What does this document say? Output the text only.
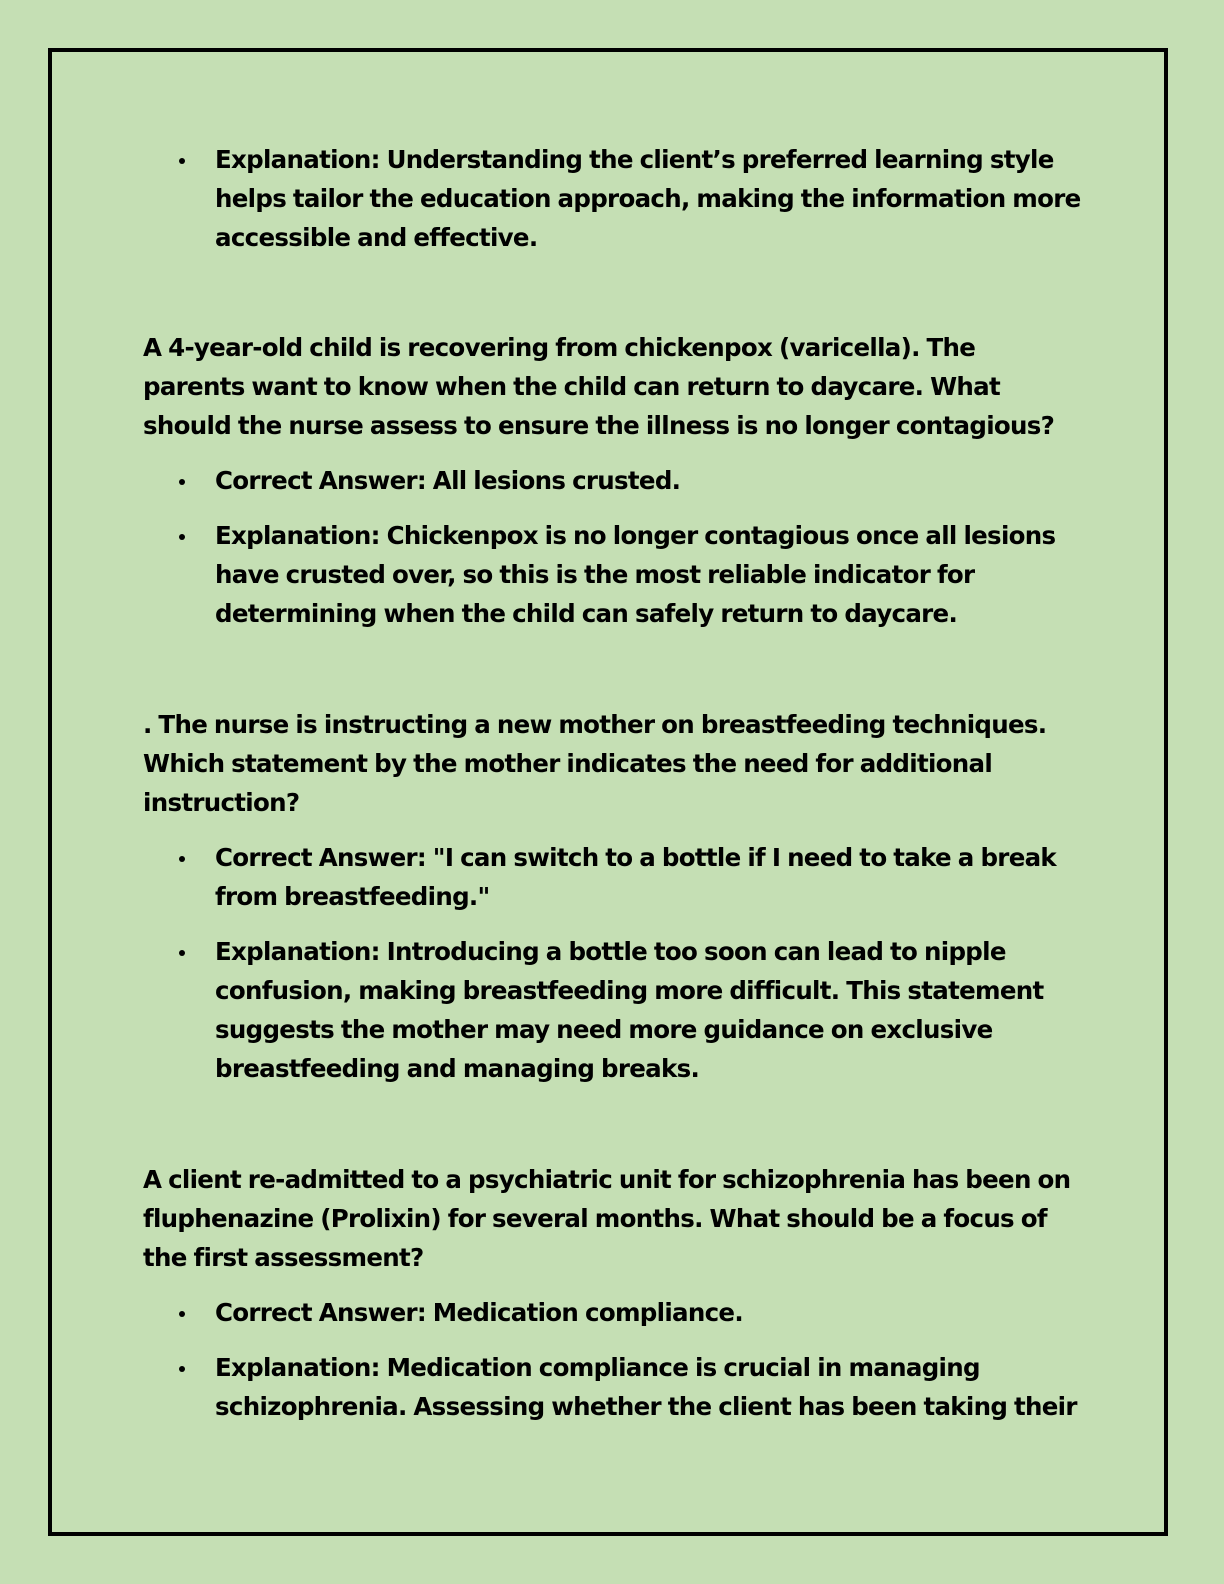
Explanation: Understanding the client’s preferred learning style helps tailor the education approach, making the information more accessible and effective.

A 4-year-old child is recovering from chickenpox (varicella). The parents want to know when the child can return to daycare. What should the nurse assess to ensure the illness is no longer contagious?

Correct Answer: All lesions crusted.
Explanation: Chickenpox is no longer contagious once all lesions have crusted over, so this is the most reliable indicator for determining when the child can safely return to daycare.

. The nurse is instructing a new mother on breastfeeding techniques. Which statement by the mother indicates the need for additional instruction?

Correct Answer: "I can switch to a bottle if I need to take a break from breastfeeding."
Explanation: Introducing a bottle too soon can lead to nipple confusion, making breastfeeding more difficult. This statement suggests the mother may need more guidance on exclusive breastfeeding and managing breaks.

A client re-admitted to a psychiatric unit for schizophrenia has been on fluphenazine (Prolixin) for several months. What should be a focus of the first assessment?

Correct Answer: Medication compliance.
Explanation: Medication compliance is crucial in managing schizophrenia. Assessing whether the client has been taking their
